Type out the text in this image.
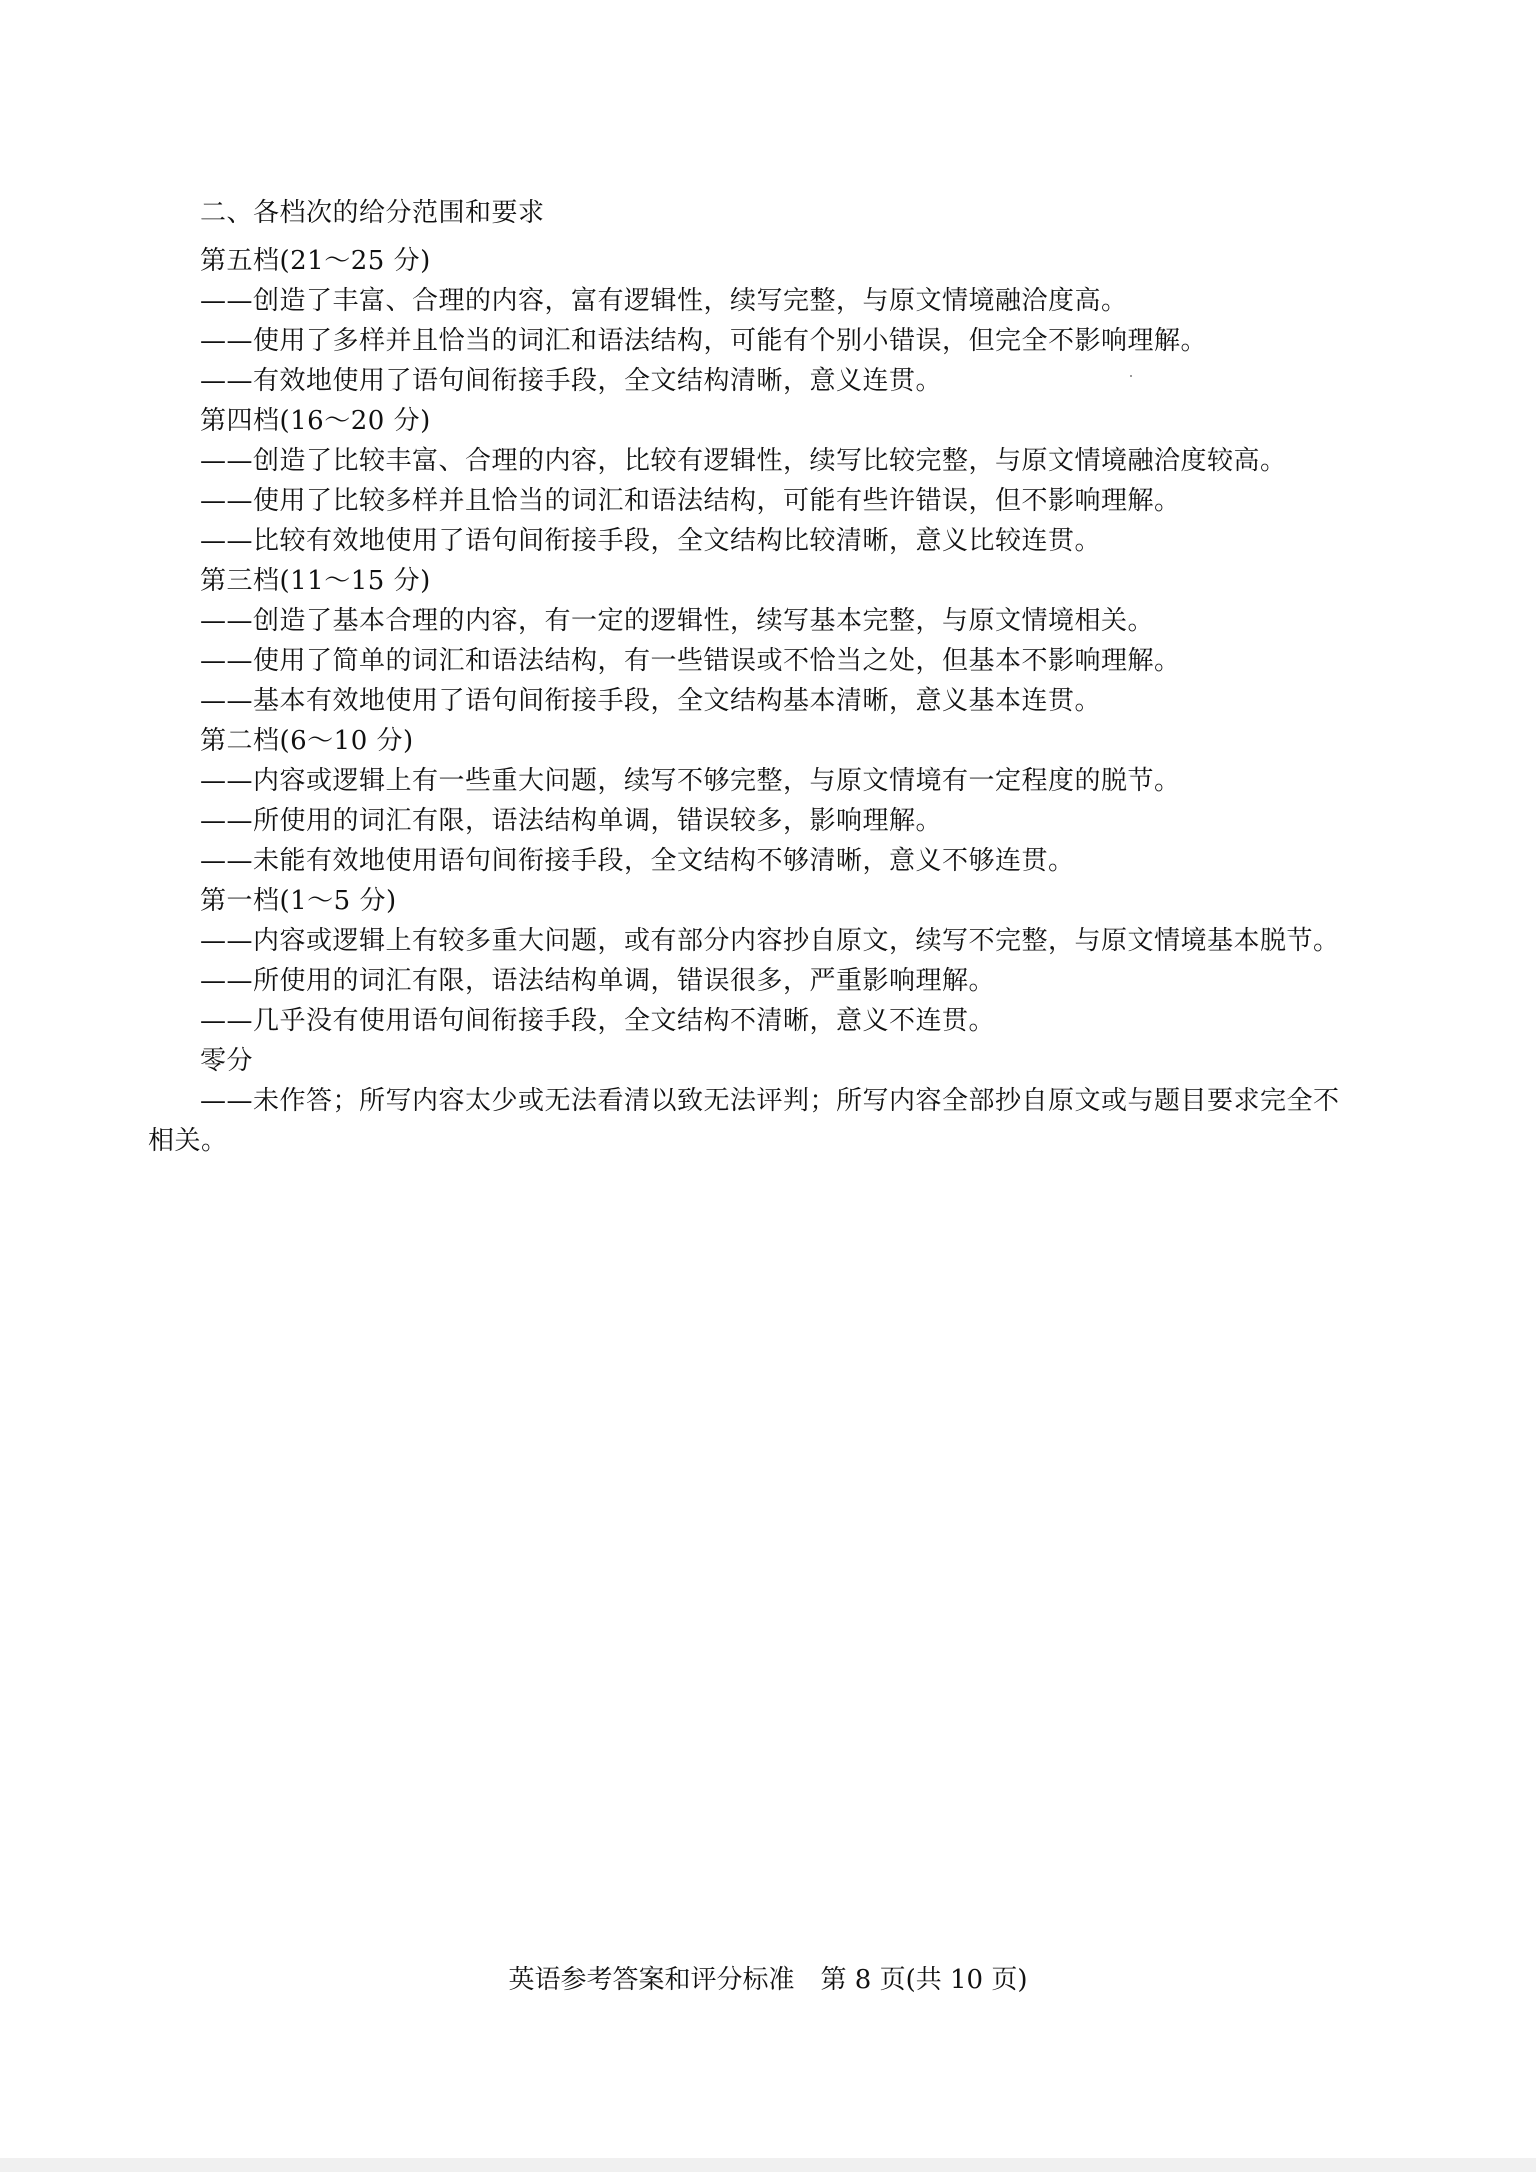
二、各档次的给分范围和要求
第五档(21～25 分)
——创造了丰富、合理的内容，富有逻辑性，续写完整，与原文情境融洽度高。
——使用了多样并且恰当的词汇和语法结构，可能有个别小错误，但完全不影响理解。
——有效地使用了语句间衔接手段，全文结构清晰，意义连贯。
第四档(16～20 分)
——创造了比较丰富、合理的内容，比较有逻辑性，续写比较完整，与原文情境融洽度较高。
——使用了比较多样并且恰当的词汇和语法结构，可能有些许错误，但不影响理解。
——比较有效地使用了语句间衔接手段，全文结构比较清晰，意义比较连贯。
第三档(11～15 分)
——创造了基本合理的内容，有一定的逻辑性，续写基本完整，与原文情境相关。
——使用了简单的词汇和语法结构，有一些错误或不恰当之处，但基本不影响理解。
——基本有效地使用了语句间衔接手段，全文结构基本清晰，意义基本连贯。
第二档(6～10 分)
——内容或逻辑上有一些重大问题，续写不够完整，与原文情境有一定程度的脱节。
——所使用的词汇有限，语法结构单调，错误较多，影响理解。
——未能有效地使用语句间衔接手段，全文结构不够清晰，意义不够连贯。
第一档(1～5 分)
——内容或逻辑上有较多重大问题，或有部分内容抄自原文，续写不完整，与原文情境基本脱节。
——所使用的词汇有限，语法结构单调，错误很多，严重影响理解。
——几乎没有使用语句间衔接手段，全文结构不清晰，意义不连贯。
零分
——未作答；所写内容太少或无法看清以致无法评判；所写内容全部抄自原文或与题目要求完全不
相关。
英语参考答案和评分标准　第 8 页(共 10 页)
